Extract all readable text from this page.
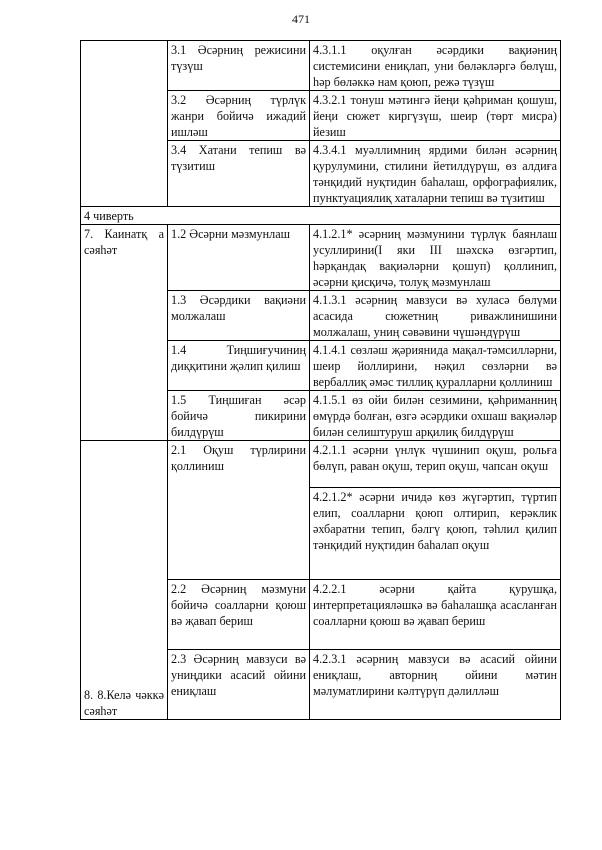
471
	3.1 Әсәрниң режисини түзүш	4.3.1.1 оқулған әсәрдики вақиәниң системисини ениқлап, уни бөләкләргә бөлүш, һәр бөләккә нам қоюп, режә түзүш
	3.2 Әсәрниң түрлүк жанри бойичә ижадий ишләш	4.3.2.1 тонуш мәтингә йеңи қәһриман қошуш, йеңи сюжет киргүзүш, шеир (төрт мисра) йезиш
	3.4 Хатани тепиш вә түзитиш	4.3.4.1 муәллимниң ярдими билән әсәрниң қурулумини, стилини йетилдүрүш, өз алдиға тәнқидий нуқтидин баһалаш, орфографиялик, пунктуациялиқ хаталарни тепиш вә түзитиш
4 чиверть		
7. Каинатқ а сәяһәт	1.2 Әсәрни мәзмунлаш	4.1.2.1* әсәрниң мәзмунини түрлүк баянлаш усуллирини(I яки III шәхскә өзгәртип, һәрқандақ вақиәләрни қошуп) қоллинип, әсәрни қисқичә, толуқ мәзмунлаш
	1.3 Әсәрдики вақиәни молжалаш	4.1.3.1 әсәрниң мавзуси вә хуласә бөлүми асасида сюжетниң риважлинишини молжалаш, униң сәвәвини чүшәндүрүш
	1.4 Тиңшиғучиниң диққитини җәлип қилиш	4.1.4.1 сөзләш җәриянида мақал-тәмсилләрни, шеир йоллирини, нәқил сөзләрни вә вербаллиқ әмәс тиллиқ қуралларни қоллиниш
	1.5 Тиңшиған әсәр бойичә пикирини билдүрүш	4.1.5.1 өз ойи билән сезимини, қәһриманниң өмүрдә болған, өзгә әсәрдики охшаш вақиәләр билән селиштуруш арқилиқ билдүрүш

8. 8.Келә чәккә сәяһәт	2.1 Оқуш түрлирини қоллиниш	4.2.1.1 әсәрни үнлүк чүшинип оқуш, рольға бөлүп, раван оқуш, терип оқуш, чапсан оқуш
		4.2.1.2* әсәрни ичидә көз жүгәртип, түртип елип, соалларни қоюп олтирип, керәклик әхбаратни тепип, бәлгү қоюп, тәһлил қилип тәнқидий нуқтидин баһалап оқуш
	2.2 Әсәрниң мәзмуни бойичә соалларни қоюш вә җавап бериш	4.2.2.1 әсәрни қайта қурушқа, интерпретацияләшкә вә баһалашқа асасланған соалларни қоюш вә җавап бериш
	2.3 Әсәрниң мавзуси вә униңдики асасий ойини ениқлаш	4.2.3.1 әсәрниң мавзуси вә асасий ойини ениқлаш, авторниң ойини мәтин мәлуматлирини кәлтүрүп дәлилләш
